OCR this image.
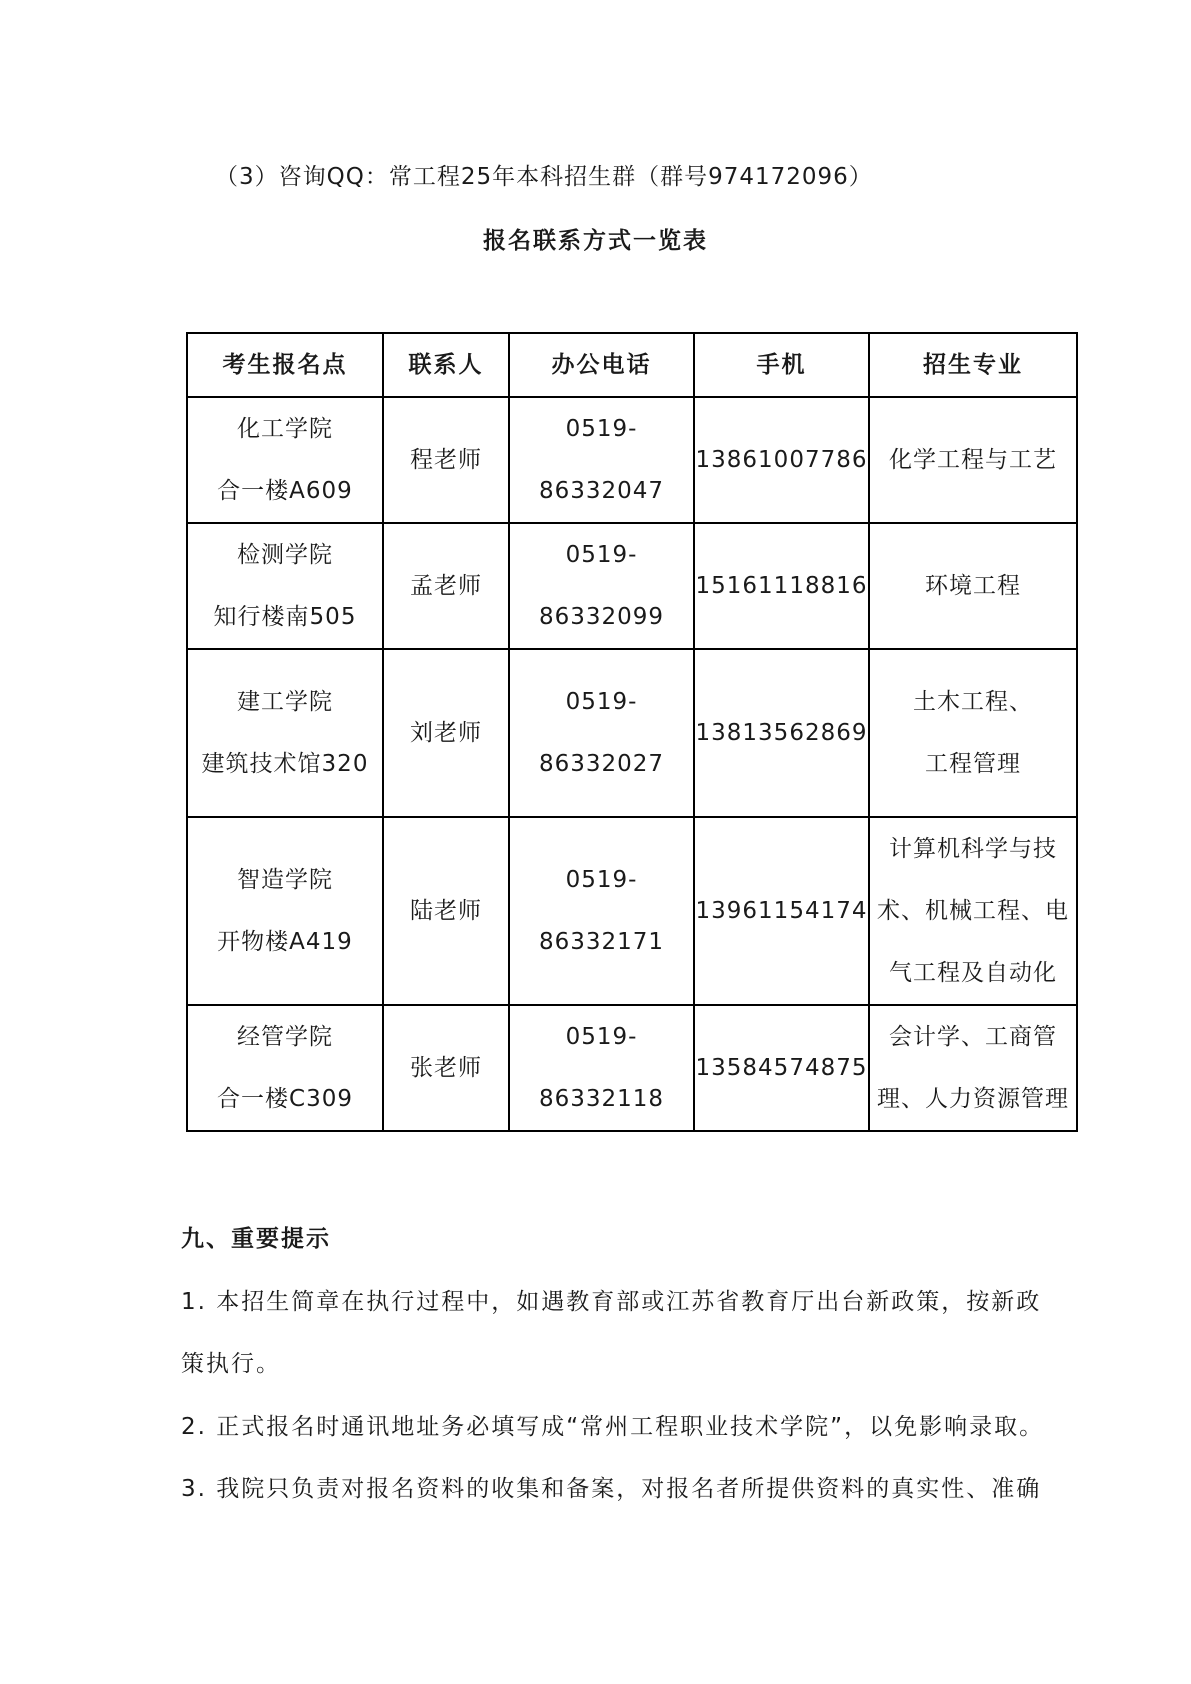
（3）咨询QQ：常工程25年本科招生群（群号974172096）
报名联系方式一览表
考生报名点	联系人	办公电话	手机	招生专业

化工学院
合一楼A609	程老师	0519-86332047	13861007786	化学工程与工艺

检测学院
知行楼南505	孟老师	0519-86332099	15161118816	环境工程

建工学院
建筑技术馆320	刘老师	0519-86332027	13813562869	土木工程、
工程管理

智造学院
开物楼A419	陆老师	0519-86332171	13961154174	计算机科学与技
术、机械工程、电
气工程及自动化

经管学院
合一楼C309	张老师	0519-86332118	13584574875	会计学、工商管
理、人力资源管理
九、重要提示
1. 本招生简章在执行过程中，如遇教育部或江苏省教育厅出台新政策，按新政
策执行。
2. 正式报名时通讯地址务必填写成“常州工程职业技术学院”，以免影响录取。
3. 我院只负责对报名资料的收集和备案，对报名者所提供资料的真实性、准确
